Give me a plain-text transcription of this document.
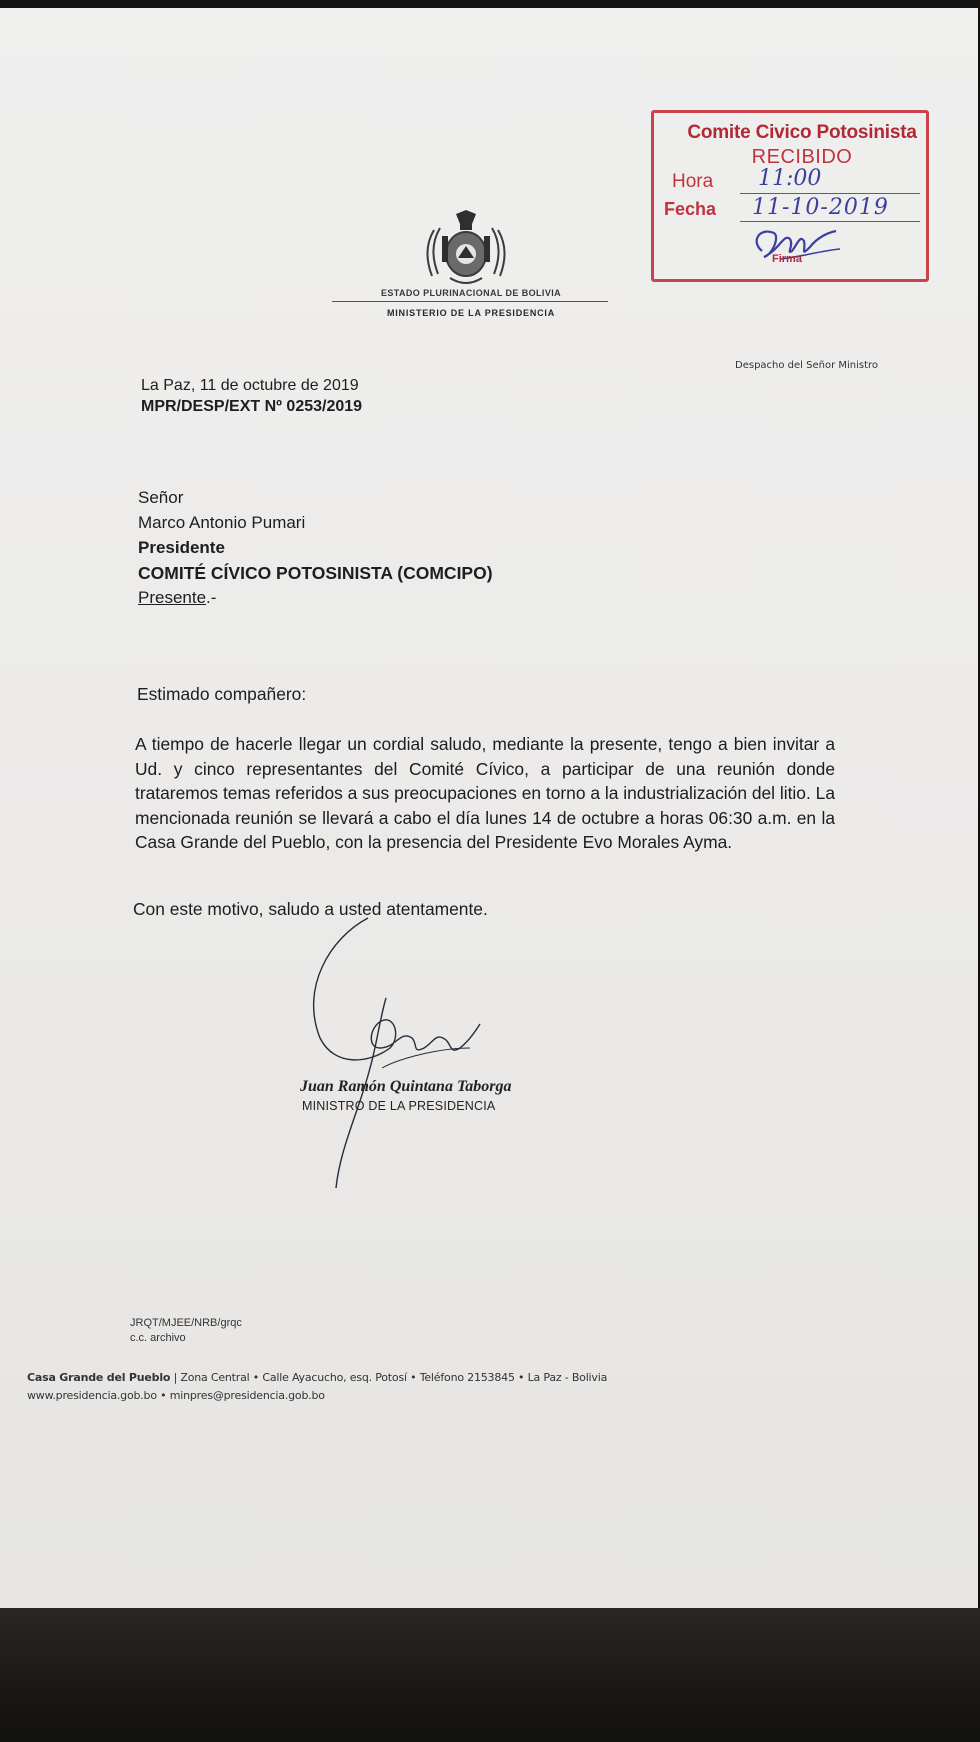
ESTADO PLURINACIONAL DE BOLIVIA
MINISTERIO DE LA PRESIDENCIA
Comite Civico Potosinista
RECIBIDO
Hora 11:00
Fecha 11-10-2019
Firma
Despacho del Señor Ministro
La Paz, 11 de octubre de 2019
MPR/DESP/EXT Nº 0253/2019
Señor
Marco Antonio Pumari
Presidente
COMITÉ CÍVICO POTOSINISTA (COMCIPO)
Presente.-
Estimado compañero:

A tiempo de hacerle llegar un cordial saludo, mediante la presente, tengo a bien invitar a Ud. y cinco representantes del Comité Cívico, a participar de una reunión donde trataremos temas referidos a sus preocupaciones en torno a la industrialización del litio. La mencionada reunión se llevará a cabo el día lunes 14 de octubre a horas 06:30 a.m. en la Casa Grande del Pueblo, con la presencia del Presidente Evo Morales Ayma.

Con este motivo, saludo a usted atentamente.
Juan Ramón Quintana Taborga
MINISTRO DE LA PRESIDENCIA
JRQT/MJEE/NRB/grqc
c.c. archivo
Casa Grande del Pueblo | Zona Central • Calle Ayacucho, esq. Potosí • Teléfono 2153845 • La Paz - Bolivia
www.presidencia.gob.bo • minpres@presidencia.gob.bo
